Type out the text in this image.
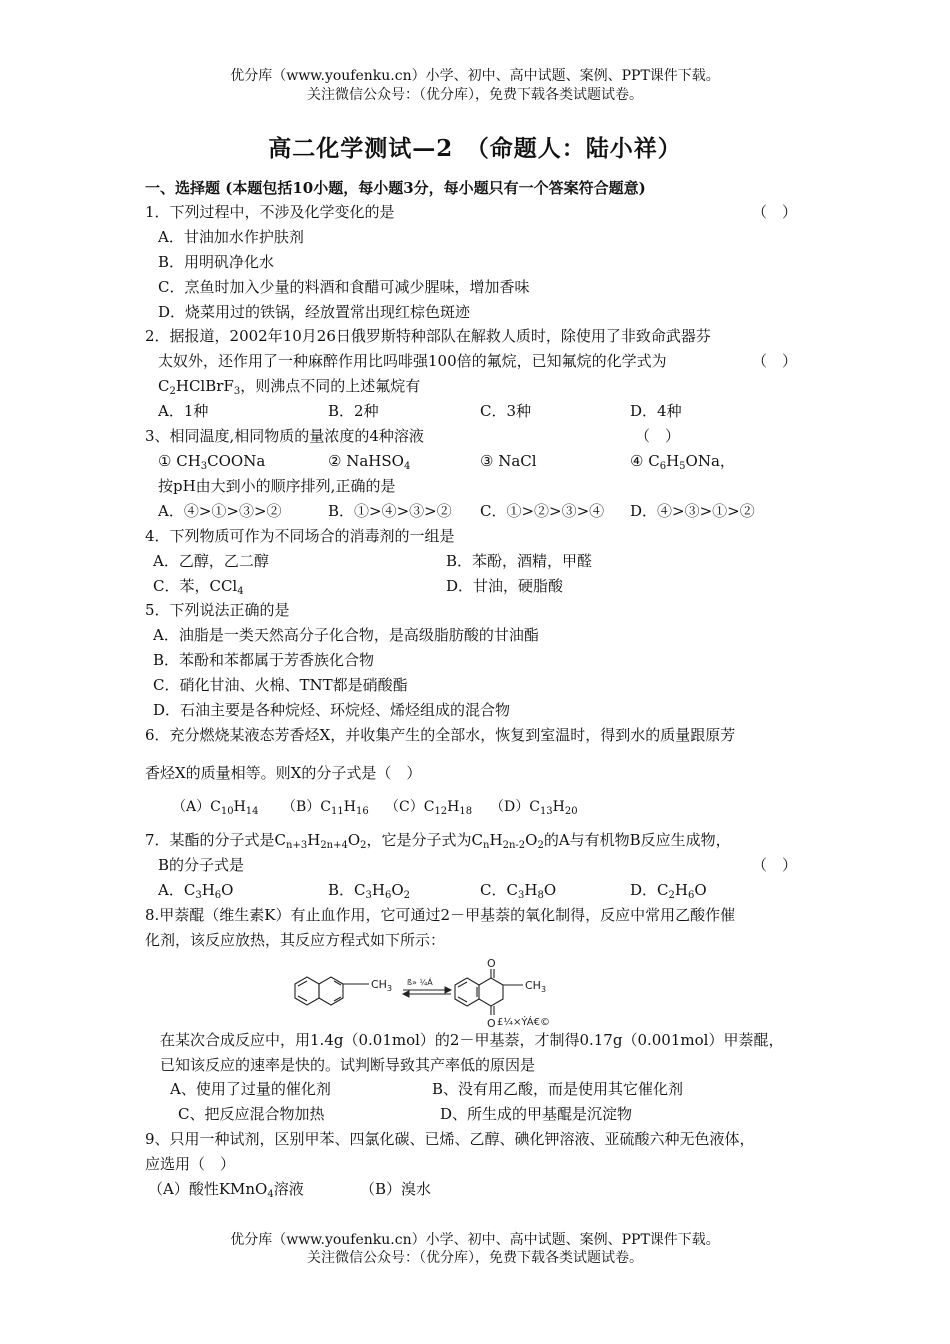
优分库（www.youfenku.cn）小学、初中、高中试题、案例、PPT课件下载。
关注微信公众号：（优分库），免费下载各类试题试卷。
高二化学测试—2　（命题人：陆小祥）
一、选择题 (本题包括10小题，每小题3分，每小题只有一个答案符合题意)
1．下列过程中，不涉及化学变化的是	（　）
A．甘油加水作护肤剂
B．用明矾净化水
C．烹鱼时加入少量的料酒和食醋可减少腥味，增加香味
D．烧菜用过的铁锅，经放置常出现红棕色斑迹
2．据报道，2002年10月26日俄罗斯特种部队在解救人质时，除使用了非致命武器芬
太奴外，还作用了一种麻醉作用比吗啡强100倍的氟烷，已知氟烷的化学式为	（　）
$C_2HClBrF_3$，则沸点不同的上述氟烷有
A．1种	B．2种	C．3种	D．4种
3、相同温度,相同物质的量浓度的4种溶液	（　）
① $CH_3COONa$	② NaHSO$_4$	③ NaCl	④ $C_6H_5ONa$，
按pH由大到小的顺序排列,正确的是
A．④>①>③>②	B．①>④>③>② C．①>②>③>④ D．④>③>①>②
4．下列物质可作为不同场合的消毒剂的一组是
A．乙醇，乙二醇	B．苯酚，酒精，甲醛
C．苯，CCl$_4$	D．甘油，硬脂酸
5．下列说法正确的是
A．油脂是一类天然高分子化合物，是高级脂肪酸的甘油酯
B．苯酚和苯都属于芳香族化合物
C．硝化甘油、火棉、TNT都是硝酸酯
D．石油主要是各种烷烃、环烷烃、烯烃组成的混合物
6．充分燃烧某液态芳香烃X，并收集产生的全部水，恢复到室温时，得到水的质量跟原芳
香烃X的质量相等。则X的分子式是（　）
$(A)C_{10}H_{14}$ $(B)C_{11}H_{16}$ $(C)C_{12}H_{18}$ $(D)C_{13}H_{20}$
7．某酯的分子式是$C_{n+3}H_{2n+4}O_2$，它是分子式为$C_nH_{2n-2}O_2$的A与有机物B反应生成物，
B的分子式是	（　）
A．$C_3H_6O$	B．$C_3H_6O_2$	C．$C_3H_8O$	D．$C_2H_6O$
8.甲萘醌（维生素K）有止血作用，它可通过2－甲基萘的氧化制得，反应中常用乙酸作催
化剂，该反应放热，其反应方程式如下所示：
$CH_3$
ß» ¼Á
O
O
$CH_3$
£¼×ÝÁ€©
在某次合成反应中，用1.4g（0.01mol）的2－甲基萘，才制得0.17g（0.001mol）甲萘醌，
已知该反应的速率是快的。试判断导致其产率低的原因是
A、使用了过量的催化剂	B、没有用乙酸，而是使用其它催化剂
C、把反应混合物加热	D、所生成的甲基醌是沉淀物
9、只用一种试剂，区别甲苯、四氯化碳、已烯、乙醇、碘化钾溶液、亚硫酸六种无色液体，
应选用（　）
（A）酸性KMnO$_4$溶液	（B）溴水
优分库（www.youfenku.cn）小学、初中、高中试题、案例、PPT课件下载。
关注微信公众号：（优分库），免费下载各类试题试卷。
